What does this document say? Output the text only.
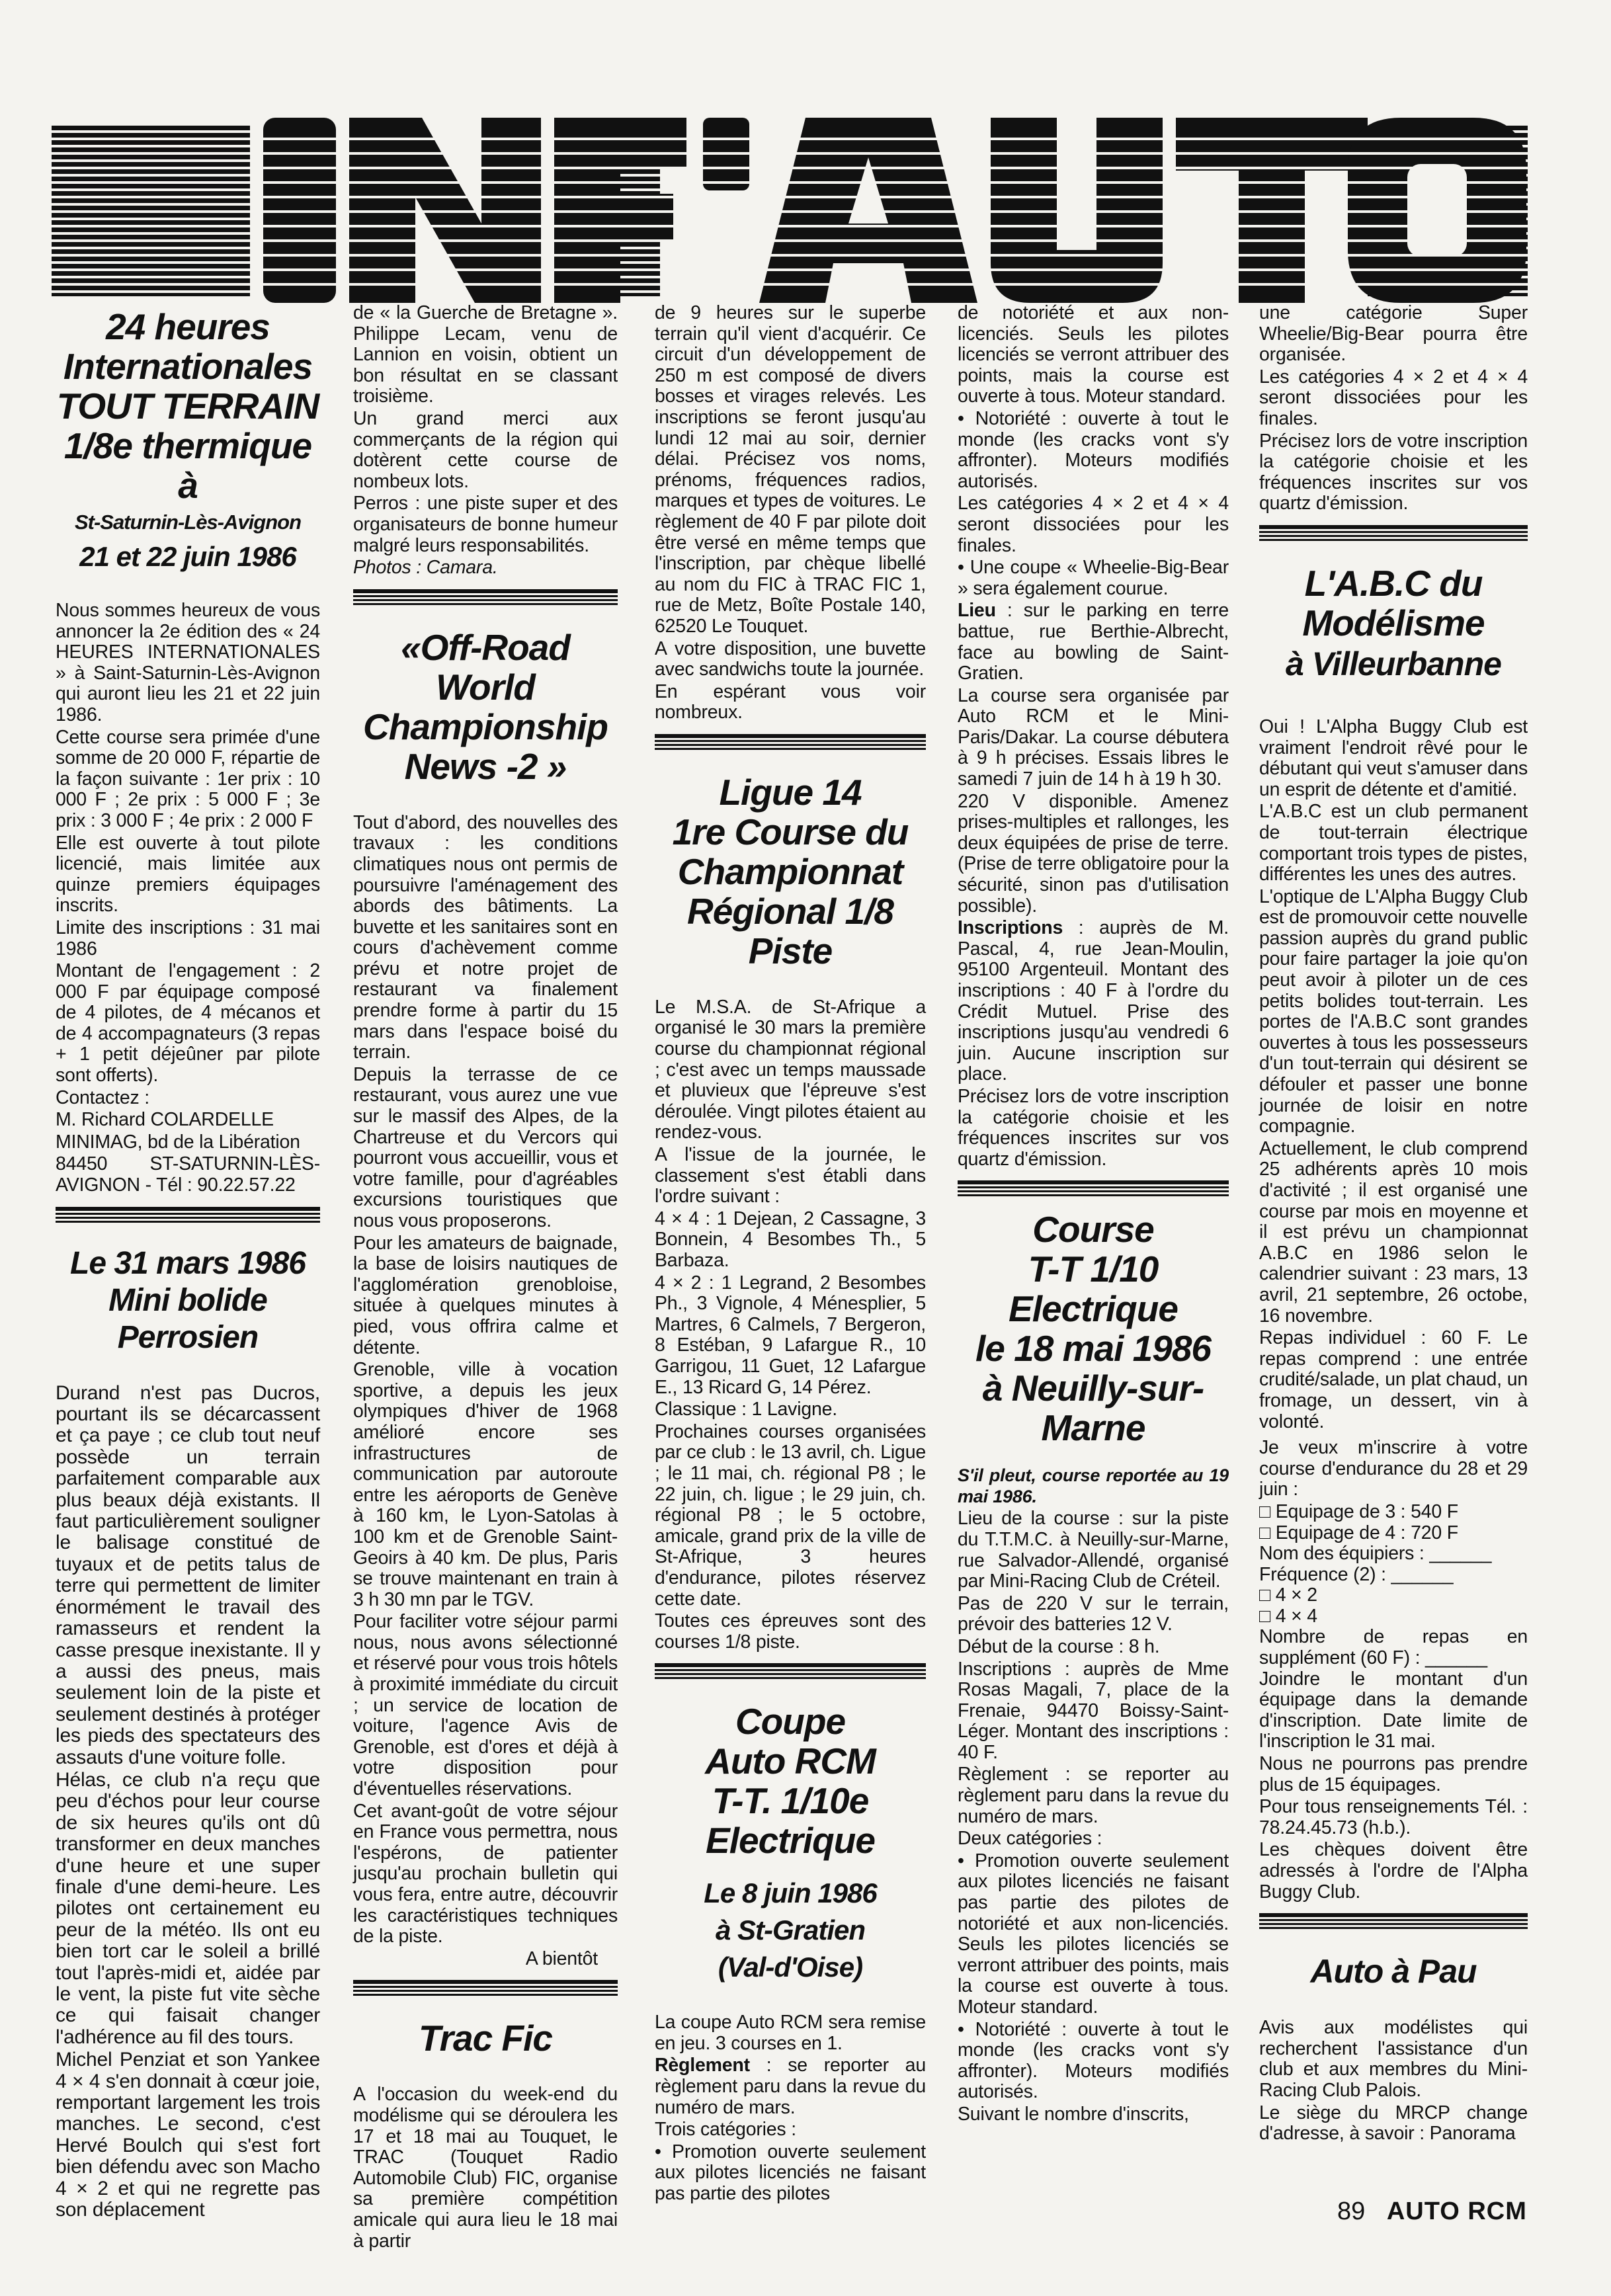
24 heures
Internationales
TOUT TERRAIN
1/8e thermique
à
St-Saturnin-Lès-Avignon
21 et 22 juin 1986

Nous sommes heureux de vous annoncer la 2e édition des « 24 HEURES INTERNATIONALES » à Saint-Saturnin-Lès-Avignon qui auront lieu les 21 et 22 juin 1986.

Cette course sera primée d'une somme de 20 000 F, répartie de la façon suivante : 1er prix : 10 000 F ; 2e prix : 5 000 F ; 3e prix : 3 000 F ; 4e prix : 2 000 F

Elle est ouverte à tout pilote licencié, mais limitée aux quinze premiers équipages inscrits.

Limite des inscriptions : 31 mai 1986

Montant de l'engagement : 2 000 F par équipage composé de 4 pilotes, de 4 mécanos et de 4 accompagnateurs (3 repas + 1 petit déjeûner par pilote sont offerts).

Contactez :

M. Richard COLARDELLE

MINIMAG, bd de la Libération

84450 ST-SATURNIN-LÈS-AVIGNON - Tél : 90.22.57.22

Le 31 mars 1986
Mini bolide
Perrosien

Durand n'est pas Ducros, pourtant ils se décarcassent et ça paye ; ce club tout neuf possède un terrain parfaitement comparable aux plus beaux déjà existants. Il faut particulièrement souligner le balisage constitué de tuyaux et de petits talus de terre qui permettent de limiter énormément le travail des ramasseurs et rendent la casse presque inexistante. Il y a aussi des pneus, mais seulement loin de la piste et seulement destinés à protéger les pieds des spectateurs des assauts d'une voiture folle.

Hélas, ce club n'a reçu que peu d'échos pour leur course de six heures qu'ils ont dû transformer en deux manches d'une heure et une super finale d'une demi-heure. Les pilotes ont certainement eu peur de la météo. Ils ont eu bien tort car le soleil a brillé tout l'après-midi et, aidée par le vent, la piste fut vite sèche ce qui faisait changer l'adhérence au fil des tours.

Michel Penziat et son Yankee 4 × 4 s'en donnait à cœur joie, remportant largement les trois manches. Le second, c'est Hervé Boulch qui s'est fort bien défendu avec son Macho 4 × 2 et qui ne regrette pas son déplacement

de « la Guerche de Bretagne ». Philippe Lecam, venu de Lannion en voisin, obtient un bon résultat en se classant troisième.

Un grand merci aux commerçants de la région qui dotèrent cette course de nombeux lots.

Perros : une piste super et des organisateurs de bonne humeur malgré leurs responsabilités.

Photos : Camara.

«Off-Road
World
Championship
News -2 »

Tout d'abord, des nouvelles des travaux : les conditions climatiques nous ont permis de poursuivre l'aménagement des abords des bâtiments. La buvette et les sanitaires sont en cours d'achèvement comme prévu et notre projet de restaurant va finalement prendre forme à partir du 15 mars dans l'espace boisé du terrain.

Depuis la terrasse de ce restaurant, vous aurez une vue sur le massif des Alpes, de la Chartreuse et du Vercors qui pourront vous accueillir, vous et votre famille, pour d'agréables excursions touristiques que nous vous proposerons.

Pour les amateurs de baignade, la base de loisirs nautiques de l'agglomération grenobloise, située à quelques minutes à pied, vous offrira calme et détente.

Grenoble, ville à vocation sportive, a depuis les jeux olympiques d'hiver de 1968 amélioré encore ses infrastructures de communication par autoroute entre les aéroports de Genève à 160 km, le Lyon-Satolas à 100 km et de Grenoble Saint-Geoirs à 40 km. De plus, Paris se trouve maintenant en train à 3 h 30 mn par le TGV.

Pour faciliter votre séjour parmi nous, nous avons sélectionné et réservé pour vous trois hôtels à proximité immédiate du circuit ; un service de location de voiture, l'agence Avis de Grenoble, est d'ores et déjà à votre disposition pour d'éventuelles réservations.

Cet avant-goût de votre séjour en France vous permettra, nous l'espérons, de patienter jusqu'au prochain bulletin qui vous fera, entre autre, découvrir les caractéristiques techniques de la piste.

A bientôt

Trac Fic

A l'occasion du week-end du modélisme qui se déroulera les 17 et 18 mai au Touquet, le TRAC (Touquet Radio Automobile Club) FIC, organise sa première compétition amicale qui aura lieu le 18 mai à partir

de 9 heures sur le superbe terrain qu'il vient d'acquérir. Ce circuit d'un développement de 250 m est composé de divers bosses et virages relevés. Les inscriptions se feront jusqu'au lundi 12 mai au soir, dernier délai. Précisez vos noms, prénoms, fréquences radios, marques et types de voitures. Le règlement de 40 F par pilote doit être versé en même temps que l'inscription, par chèque libellé au nom du FIC à TRAC FIC 1, rue de Metz, Boîte Postale 140, 62520 Le Touquet.

A votre disposition, une buvette avec sandwichs toute la journée.

En espérant vous voir nombreux.

Ligue 14
1re Course du
Championnat
Régional 1/8
Piste

Le M.S.A. de St-Afrique a organisé le 30 mars la première course du championnat régional ; c'est avec un temps maussade et pluvieux que l'épreuve s'est déroulée. Vingt pilotes étaient au rendez-vous.

A l'issue de la journée, le classement s'est établi dans l'ordre suivant :

4 × 4 : 1 Dejean, 2 Cassagne, 3 Bonnein, 4 Besombes Th., 5 Barbaza.

4 × 2 : 1 Legrand, 2 Besombes Ph., 3 Vignole, 4 Ménesplier, 5 Martres, 6 Calmels, 7 Bergeron, 8 Estéban, 9 Lafargue R., 10 Garrigou, 11 Guet, 12 Lafargue E., 13 Ricard G, 14 Pérez.

Classique : 1 Lavigne.

Prochaines courses organisées par ce club : le 13 avril, ch. Ligue ; le 11 mai, ch. régional P8 ; le 22 juin, ch. ligue ; le 29 juin, ch. régional P8 ; le 5 octobre, amicale, grand prix de la ville de St-Afrique, 3 heures d'endurance, pilotes réservez cette date.

Toutes ces épreuves sont des courses 1/8 piste.

Coupe
Auto RCM
T-T. 1/10e
Electrique
Le 8 juin 1986
à St-Gratien
(Val-d'Oise)

La coupe Auto RCM sera remise en jeu. 3 courses en 1.

Règlement : se reporter au règlement paru dans la revue du numéro de mars.

Trois catégories :

• Promotion ouverte seulement aux pilotes licenciés ne faisant pas partie des pilotes

de notoriété et aux non-licenciés. Seuls les pilotes licenciés se verront attribuer des points, mais la course est ouverte à tous. Moteur standard.

• Notoriété : ouverte à tout le monde (les cracks vont s'y affronter). Moteurs modifiés autorisés.

Les catégories 4 × 2 et 4 × 4 seront dissociées pour les finales.

• Une coupe « Wheelie-Big-Bear » sera également courue.

Lieu : sur le parking en terre battue, rue Berthie-Albrecht, face au bowling de Saint-Gratien.

La course sera organisée par Auto RCM et le Mini-Paris/Dakar. La course débutera à 9 h précises. Essais libres le samedi 7 juin de 14 h à 19 h 30.

220 V disponible. Amenez prises-multiples et rallonges, les deux équipées de prise de terre. (Prise de terre obligatoire pour la sécurité, sinon pas d'utilisation possible).

Inscriptions : auprès de M. Pascal, 4, rue Jean-Moulin, 95100 Argenteuil. Montant des inscriptions : 40 F à l'ordre du Crédit Mutuel. Prise des inscriptions jusqu'au vendredi 6 juin. Aucune inscription sur place.

Précisez lors de votre inscription la catégorie choisie et les fréquences inscrites sur vos quartz d'émission.

Course
T-T 1/10
Electrique
le 18 mai 1986
à Neuilly-sur-
Marne

S'il pleut, course reportée au 19 mai 1986.

Lieu de la course : sur la piste du T.T.M.C. à Neuilly-sur-Marne, rue Salvador-Allendé, organisé par Mini-Racing Club de Créteil.

Pas de 220 V sur le terrain, prévoir des batteries 12 V.

Début de la course : 8 h.

Inscriptions : auprès de Mme Rosas Magali, 7, place de la Frenaie, 94470 Boissy-Saint-Léger. Montant des inscriptions : 40 F.

Règlement : se reporter au règlement paru dans la revue du numéro de mars.

Deux catégories :

• Promotion ouverte seulement aux pilotes licenciés ne faisant pas partie des pilotes de notoriété et aux non-licenciés. Seuls les pilotes licenciés se verront attribuer des points, mais la course est ouverte à tous. Moteur standard.

• Notoriété : ouverte à tout le monde (les cracks vont s'y affronter). Moteurs modifiés autorisés.

Suivant le nombre d'inscrits,

une catégorie Super Wheelie/Big-Bear pourra être organisée.

Les catégories 4 × 2 et 4 × 4 seront dissociées pour les finales.

Précisez lors de votre inscription la catégorie choisie et les fréquences inscrites sur vos quartz d'émission.

L'A.B.C du
Modélisme
à Villeurbanne

Oui ! L'Alpha Buggy Club est vraiment l'endroit rêvé pour le débutant qui veut s'amuser dans un esprit de détente et d'amitié.

L'A.B.C est un club permanent de tout-terrain électrique comportant trois types de pistes, différentes les unes des autres.

L'optique de L'Alpha Buggy Club est de promouvoir cette nouvelle passion auprès du grand public pour faire partager la joie qu'on peut avoir à piloter un de ces petits bolides tout-terrain. Les portes de l'A.B.C sont grandes ouvertes à tous les possesseurs d'un tout-terrain qui désirent se défouler et passer une bonne journée de loisir en notre compagnie.

Actuellement, le club comprend 25 adhérents après 10 mois d'activité ; il est organisé une course par mois en moyenne et il est prévu un championnat A.B.C en 1986 selon le calendrier suivant : 23 mars, 13 avril, 21 septembre, 26 octobe, 16 novembre.

Repas individuel : 60 F. Le repas comprend : une entrée crudité/salade, un plat chaud, un fromage, un dessert, vin à volonté.

Je veux m'inscrire à votre course d'endurance du 28 et 29 juin :

□ Equipage de 3 : 540 F

□ Equipage de 4 : 720 F

Nom des équipiers : ______

Fréquence (2) : ______

□ 4 × 2

□ 4 × 4

Nombre de repas en supplément (60 F) : ______

Joindre le montant d'un équipage dans la demande d'inscription. Date limite de l'inscription le 31 mai.

Nous ne pourrons pas prendre plus de 15 équipages.

Pour tous renseignements Tél. : 78.24.45.73 (h.b.).

Les chèques doivent être adressés à l'ordre de l'Alpha Buggy Club.

Auto à Pau

Avis aux modélistes qui recherchent l'assistance d'un club et aux membres du Mini-Racing Club Palois.

Le siège du MRCP change d'adresse, à savoir : Panorama

89 AUTO RCM
